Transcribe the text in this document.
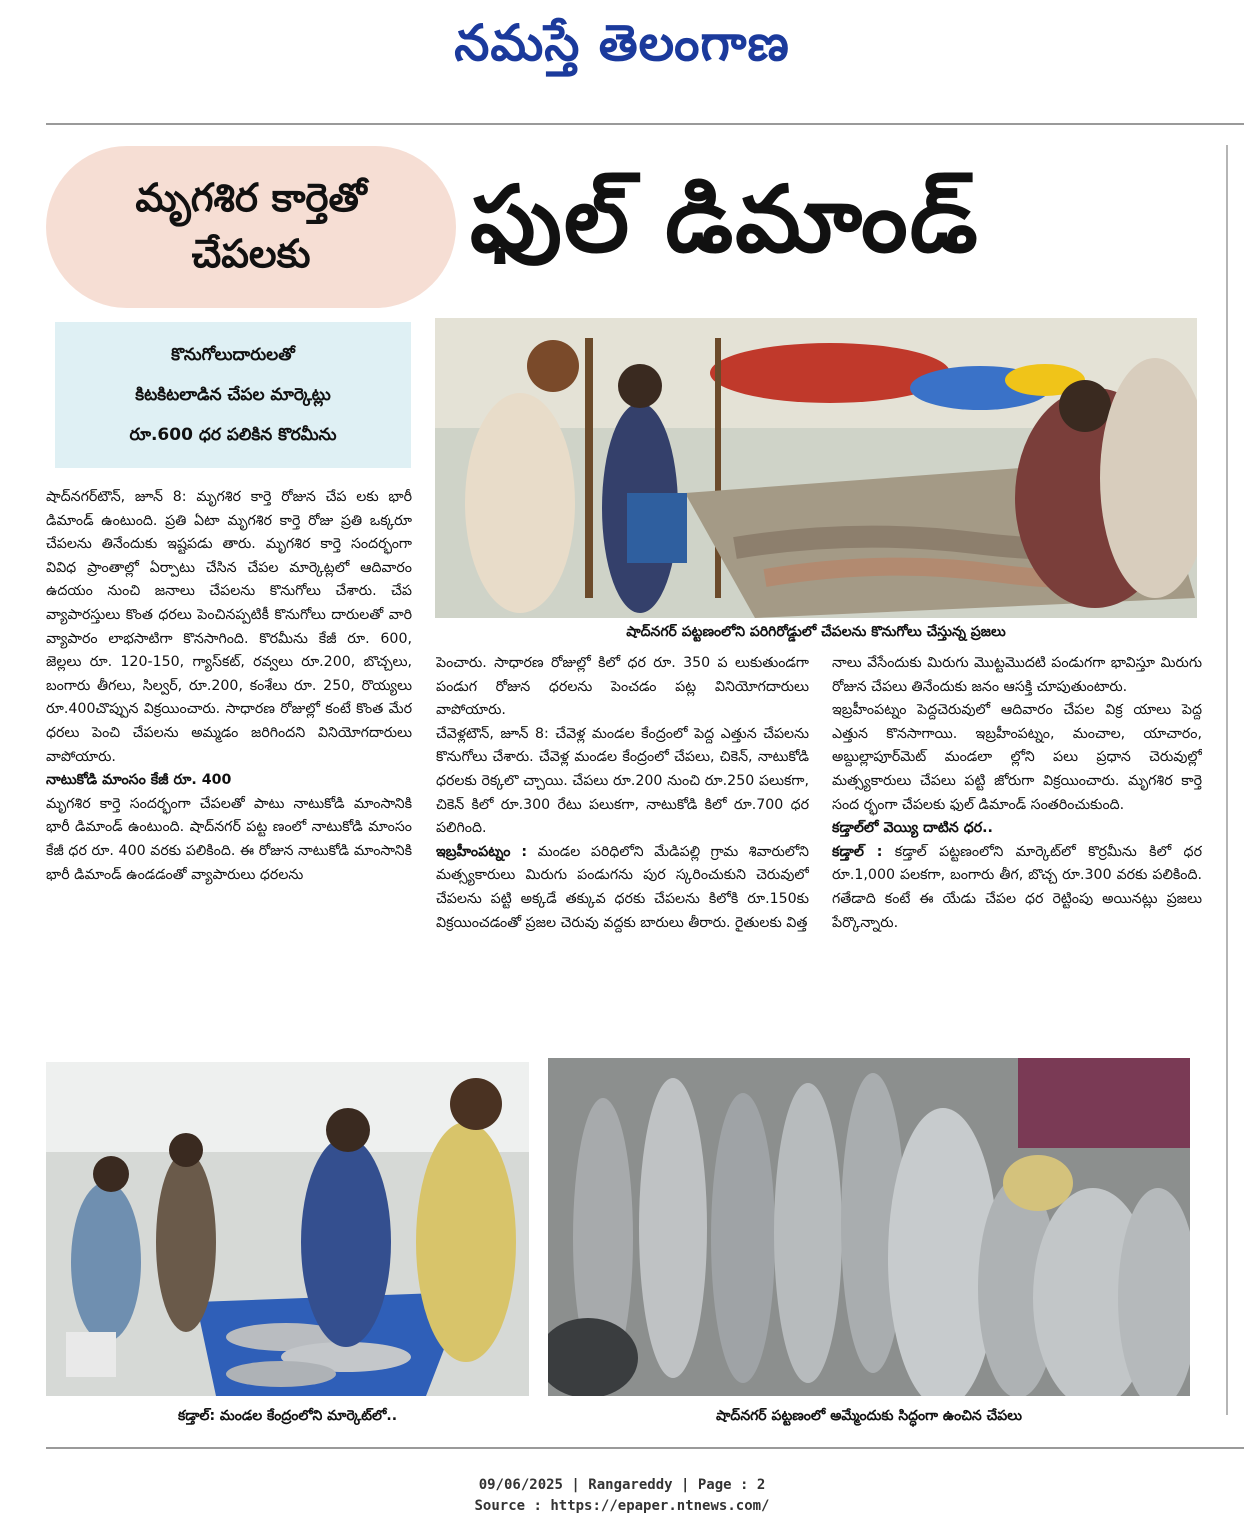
నమస్తే తెలంగాణ
మృగశిర కార్తెతో
చేపలకు ఫుల్ డిమాండ్
కొనుగోలుదారులతో
కిటకిటలాడిన చేపల మార్కెట్లు
రూ.600 ధర పలికిన కొరమీను

షాద్‌నగర్‌టౌన్, జూన్ 8: మృగశిర కార్తె రోజున చేప లకు భారీ డిమాండ్ ఉంటుంది. ప్రతి ఏటా మృగశిర కార్తె రోజు ప్రతి ఒక్కరూ చేపలను తినేందుకు ఇష్టపడు తారు. మృగశిర కార్తె సందర్భంగా వివిధ ప్రాంతాల్లో ఏర్పాటు చేసిన చేపల మార్కెట్లలో ఆదివారం ఉదయం నుంచి జనాలు చేపలను కొనుగోలు చేశారు. చేప వ్యాపారస్తులు కొంత ధరలు పెంచినప్పటికీ కొనుగోలు దారులతో వారి వ్యాపారం లాభసాటిగా కొనసాగింది. కొరమీను కేజీ రూ. 600, జెల్లలు రూ. 120-150, గ్యాస్‌కట్, రవ్వలు రూ.200, బొచ్చలు, బంగారు తీగలు, సిల్వర్, రూ.200, కంశేలు రూ. 250, రొయ్యలు రూ.400చొప్పున విక్రయించారు. సాధారణ రోజుల్లో కంటే కొంత మేర ధరలు పెంచి చేపలను అమ్మడం జరిగిందని వినియోగదారులు వాపోయారు.

నాటుకోడి మాంసం కేజీ రూ. 400

మృగశిర కార్తె సందర్భంగా చేపలతో పాటు నాటుకోడి మాంసానికి భారీ డిమాండ్ ఉంటుంది. షాద్‌నగర్ పట్ట ణంలో నాటుకోడి మాంసం కేజీ ధర రూ. 400 వరకు పలికింది. ఈ రోజున నాటుకోడి మాంసానికి భారీ డిమాండ్ ఉండడంతో వ్యాపారులు ధరలను

షాద్‌నగర్ పట్టణంలోని పరిగిరోడ్డులో చేపలను కొనుగోలు చేస్తున్న ప్రజలు

పెంచారు. సాధారణ రోజుల్లో కిలో ధర రూ. 350 ప లుకుతుండగా పండుగ రోజున ధరలను పెంచడం పట్ల వినియోగదారులు వాపోయారు.

చేవెళ్లటౌన్, జూన్ 8: చేవెళ్ల మండల కేంద్రంలో పెద్ద ఎత్తున చేపలను కొనుగోలు చేశారు. చేవెళ్ల మండల కేంద్రంలో చేపలు, చికెన్, నాటుకోడి ధరలకు రెక్కలొ చ్చాయి. చేపలు రూ.200 నుంచి రూ.250 పలుకగా, చికెన్ కిలో రూ.300 రేటు పలుకగా, నాటుకోడి కిలో రూ.700 ధర పలిగింది.

ఇబ్రహీంపట్నం : మండల పరిధిలోని మేడిపల్లి గ్రామ శివారులోని మత్స్యకారులు మిరుగు పండుగను పుర స్కరించుకుని చెరువులో చేపలను పట్టి అక్కడే తక్కువ ధరకు చేపలను కిలోకి రూ.150కు విక్రయించడంతో ప్రజల చెరువు వద్దకు బారులు తీరారు. రైతులకు విత్త

నాలు వేసేందుకు మిరుగు మొట్టమొదటి పండుగగా భావిస్తూ మిరుగు రోజున చేపలు తినేందుకు జనం ఆసక్తి చూపుతుంటారు.

ఇబ్రహీంపట్నం పెద్దచెరువులో ఆదివారం చేపల విక్ర యాలు పెద్ద ఎత్తున కొనసాగాయి. ఇబ్రహీంపట్నం, మంచాల, యాచారం, అబ్దుల్లాపూర్‌మెట్ మండలా ల్లోని పలు ప్రధాన చెరువుల్లో మత్స్యకారులు చేపలు పట్టి జోరుగా విక్రయించారు. మృగశిర కార్తె సంద ర్భంగా చేపలకు ఫుల్ డిమాండ్ సంతరించుకుంది.

కడ్తాల్‌లో వెయ్యి దాటిన ధర..

కడ్తాల్ : కడ్తాల్ పట్టణంలోని మార్కెట్‌లో కొర్రమీను కిలో ధర రూ.1,000 పలకగా, బంగారు తీగ, బొచ్చ రూ.300 వరకు పలికింది. గతేడాది కంటే ఈ యేడు చేపల ధర రెట్టింపు అయినట్లు ప్రజలు పేర్కొన్నారు.

కడ్తాల్: మండల కేంద్రంలోని మార్కెట్‌లో..	షాద్‌నగర్ పట్టణంలో అమ్మేందుకు సిద్ధంగా ఉంచిన చేపలు
09/06/2025 | Rangareddy | Page : 2
Source : https://epaper.ntnews.com/
